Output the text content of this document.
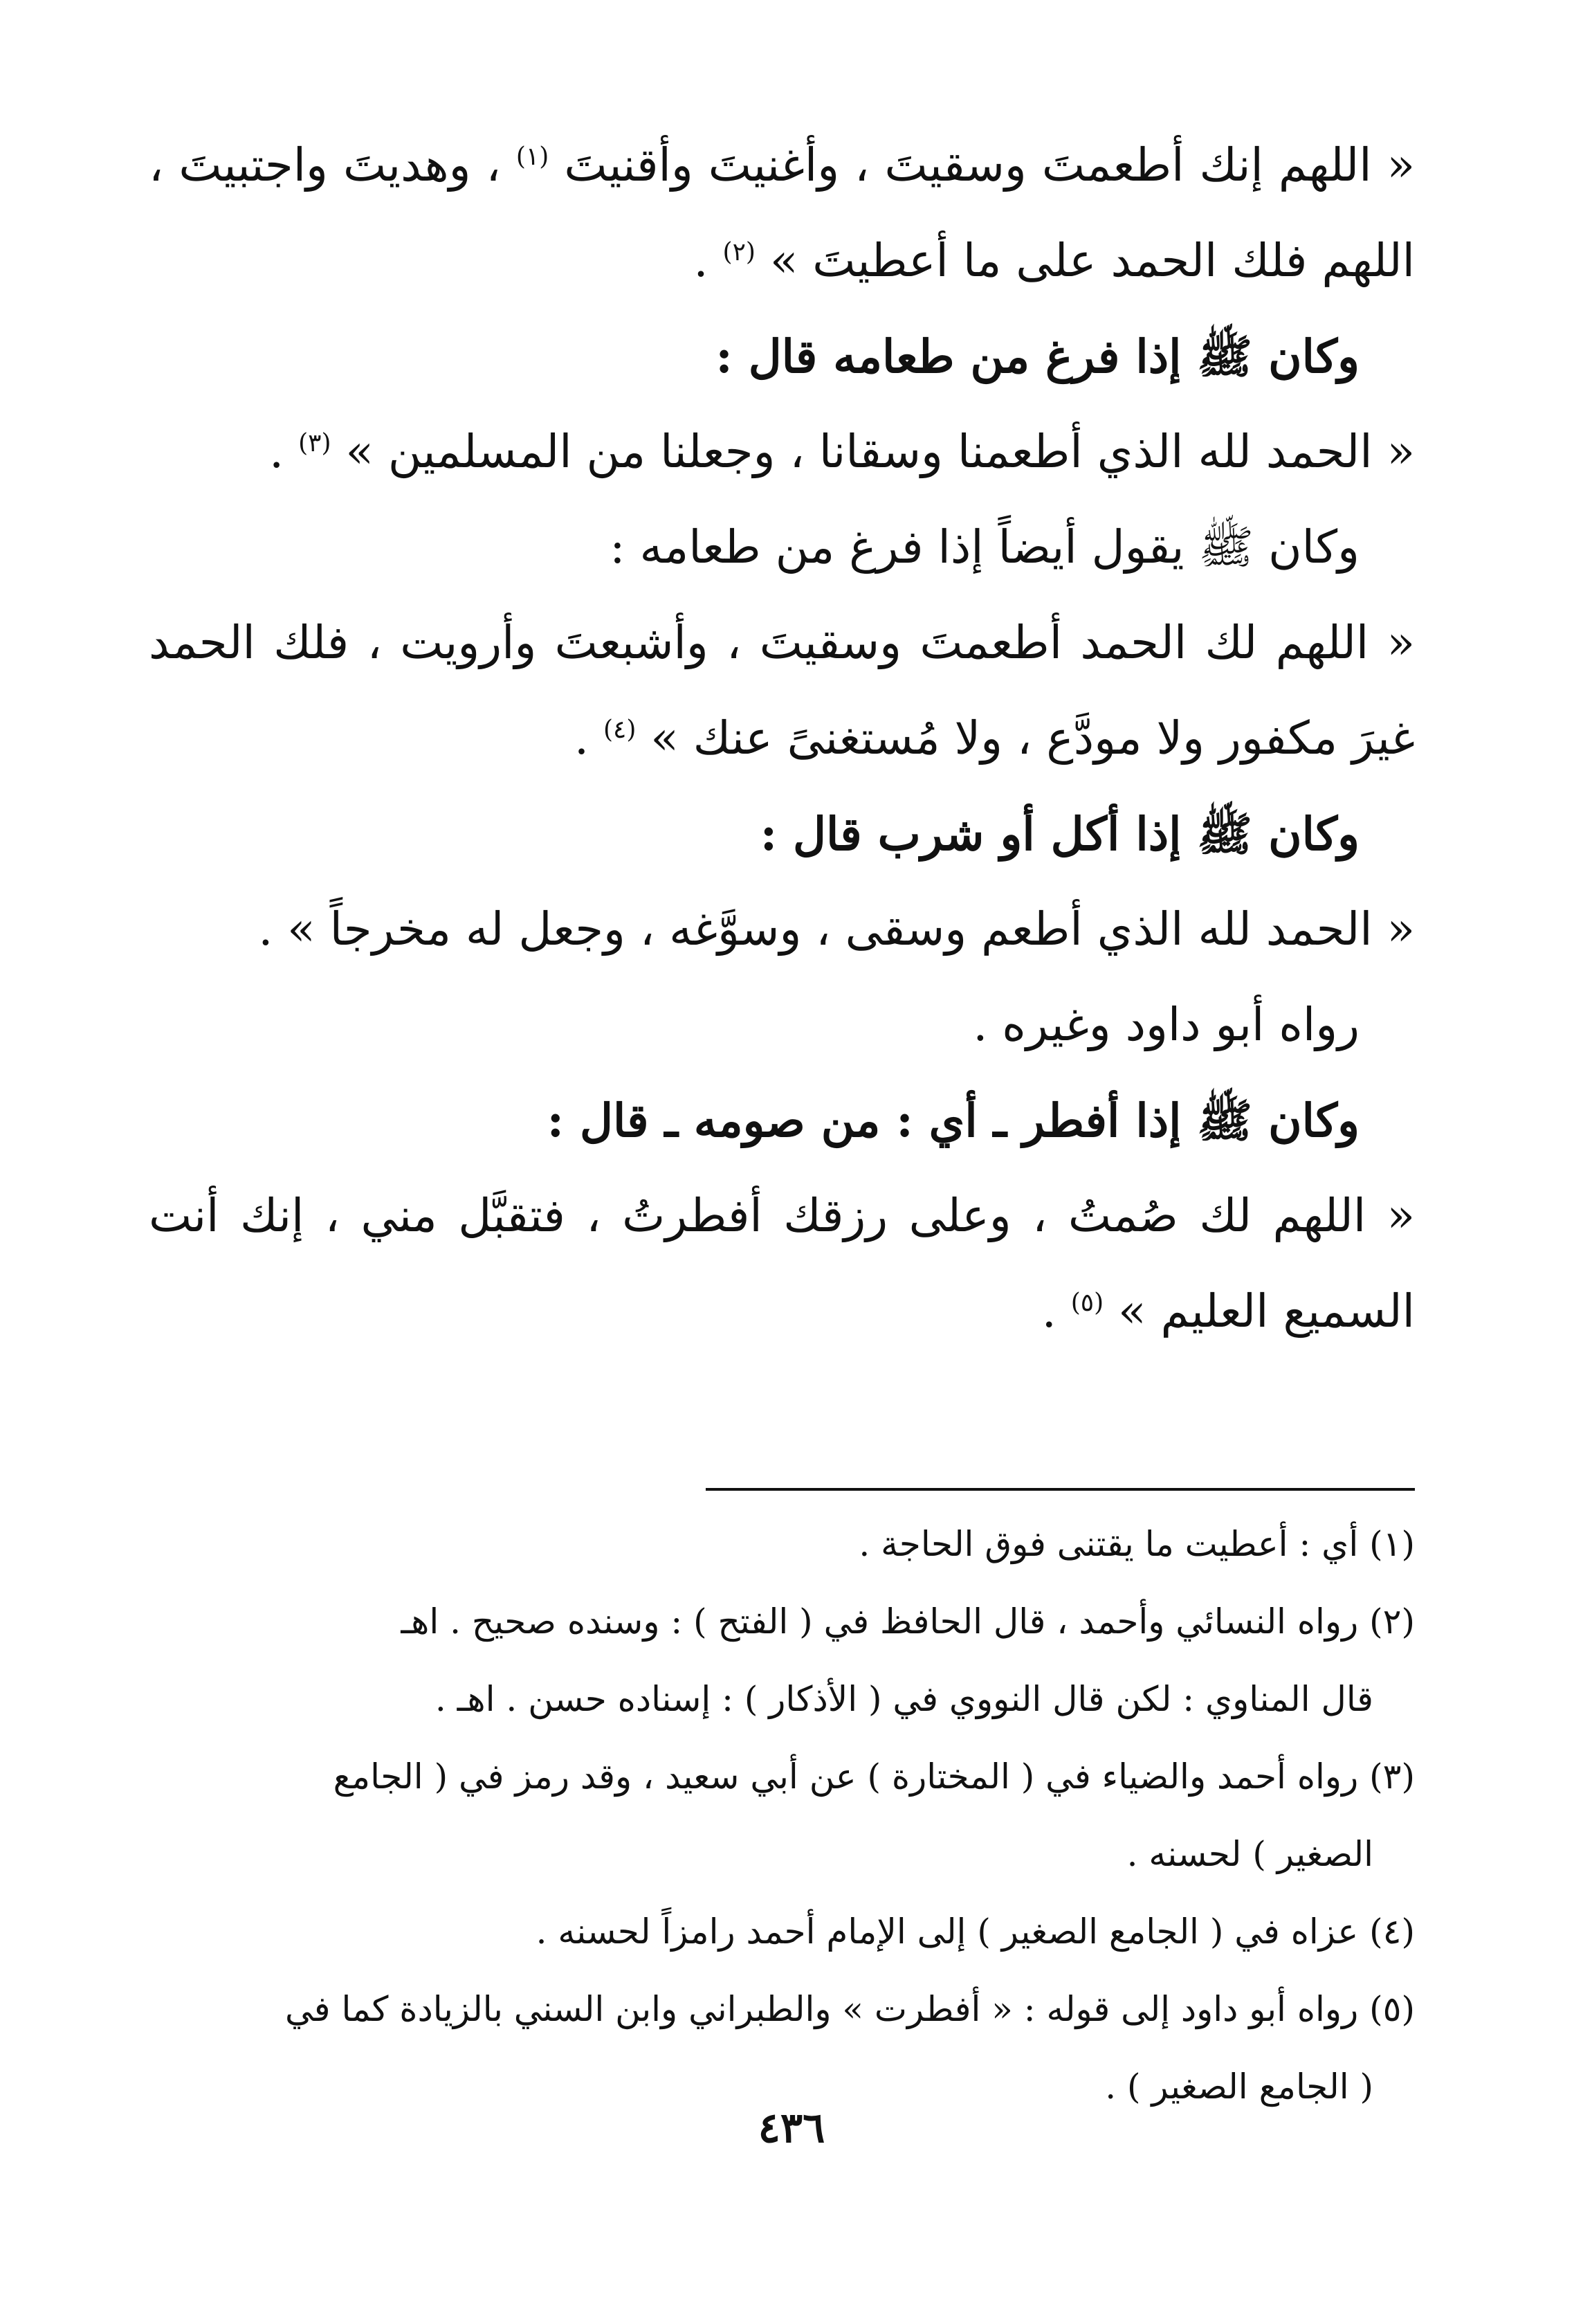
« اللهم إنك أطعمتَ وسقيتَ ، وأغنيتَ وأقنيتَ $^{(١)}$ ، وهديتَ واجتبيتَ ، اللهم فلك الحمد على ما أعطيتَ » $^{(٢)}$ .

وكان ﷺ إذا فرغ من طعامه قال :

« الحمد لله الذي أطعمنا وسقانا ، وجعلنا من المسلمين » $^{(٣)}$ .

وكان ﷺ يقول أيضاً إذا فرغ من طعامه :

« اللهم لك الحمد أطعمتَ وسقيتَ ، وأشبعتَ وأرويت ، فلك الحمد غيرَ مكفور ولا مودَّع ، ولا مُستغنىً عنك » $^{(٤)}$ .

وكان ﷺ إذا أكل أو شرب قال :

« الحمد لله الذي أطعم وسقى ، وسوَّغه ، وجعل له مخرجاً » .

رواه أبو داود وغيره .

وكان ﷺ إذا أفطر ـ أي : من صومه ـ قال :

« اللهم لك صُمتُ ، وعلى رزقك أفطرتُ ، فتقبَّل مني ، إنك أنت السميع العليم » $^{(٥)}$ .

(١) أي : أعطيت ما يقتنى فوق الحاجة .

(٢) رواه النسائي وأحمد ، قال الحافظ في ( الفتح ) : وسنده صحيح . اهـ

قال المناوي : لكن قال النووي في ( الأذكار ) : إسناده حسن . اهـ .

(٣) رواه أحمد والضياء في ( المختارة ) عن أبي سعيد ، وقد رمز في ( الجامع

الصغير ) لحسنه .

(٤) عزاه في ( الجامع الصغير ) إلى الإمام أحمد رامزاً لحسنه .

(٥) رواه أبو داود إلى قوله : « أفطرت » والطبراني وابن السني بالزيادة كما في

( الجامع الصغير ) .

٤٣٦
